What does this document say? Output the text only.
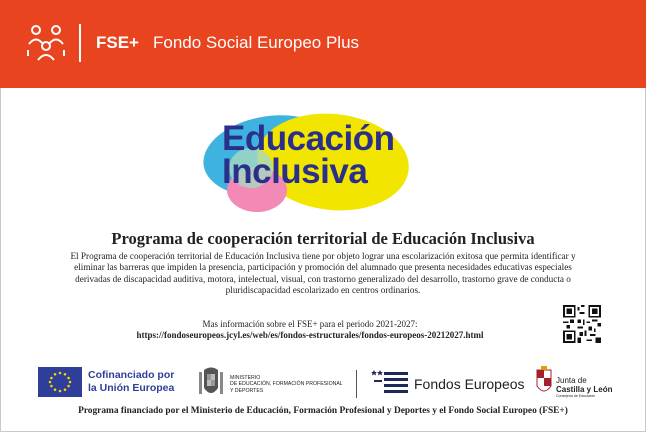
FSE+ Fondo Social Europeo Plus
Educación
Inclusiva
Programa de cooperación territorial de Educación Inclusiva
El Programa de cooperación territorial de Educación Inclusiva tiene por objeto lograr una escolarización exitosa que permita identificar y eliminar las barreras que impiden la presencia, participación y promoción del alumnado que presenta necesidades educativas especiales derivadas de discapacidad auditiva, motora, intelectual, visual, con trastorno generalizado del desarrollo, trastorno grave de conducta o pluridiscapacidad escolarizado en centros ordinarios.
Mas información sobre el FSE+ para el periodo 2021-2027:
https://fondoseuropeos.jcyl.es/web/es/fondos-estructurales/fondos-europeos-20212027.html
Cofinanciado por
la Unión Europea
MINISTERIO
DE EDUCACIÓN, FORMACIÓN PROFESIONAL
Y DEPORTES	Fondos Europeos	Junta de
Castilla y León
Consejería de Educación
Programa financiado por el Ministerio de Educación, Formación Profesional y Deportes y el Fondo Social Europeo (FSE+)
